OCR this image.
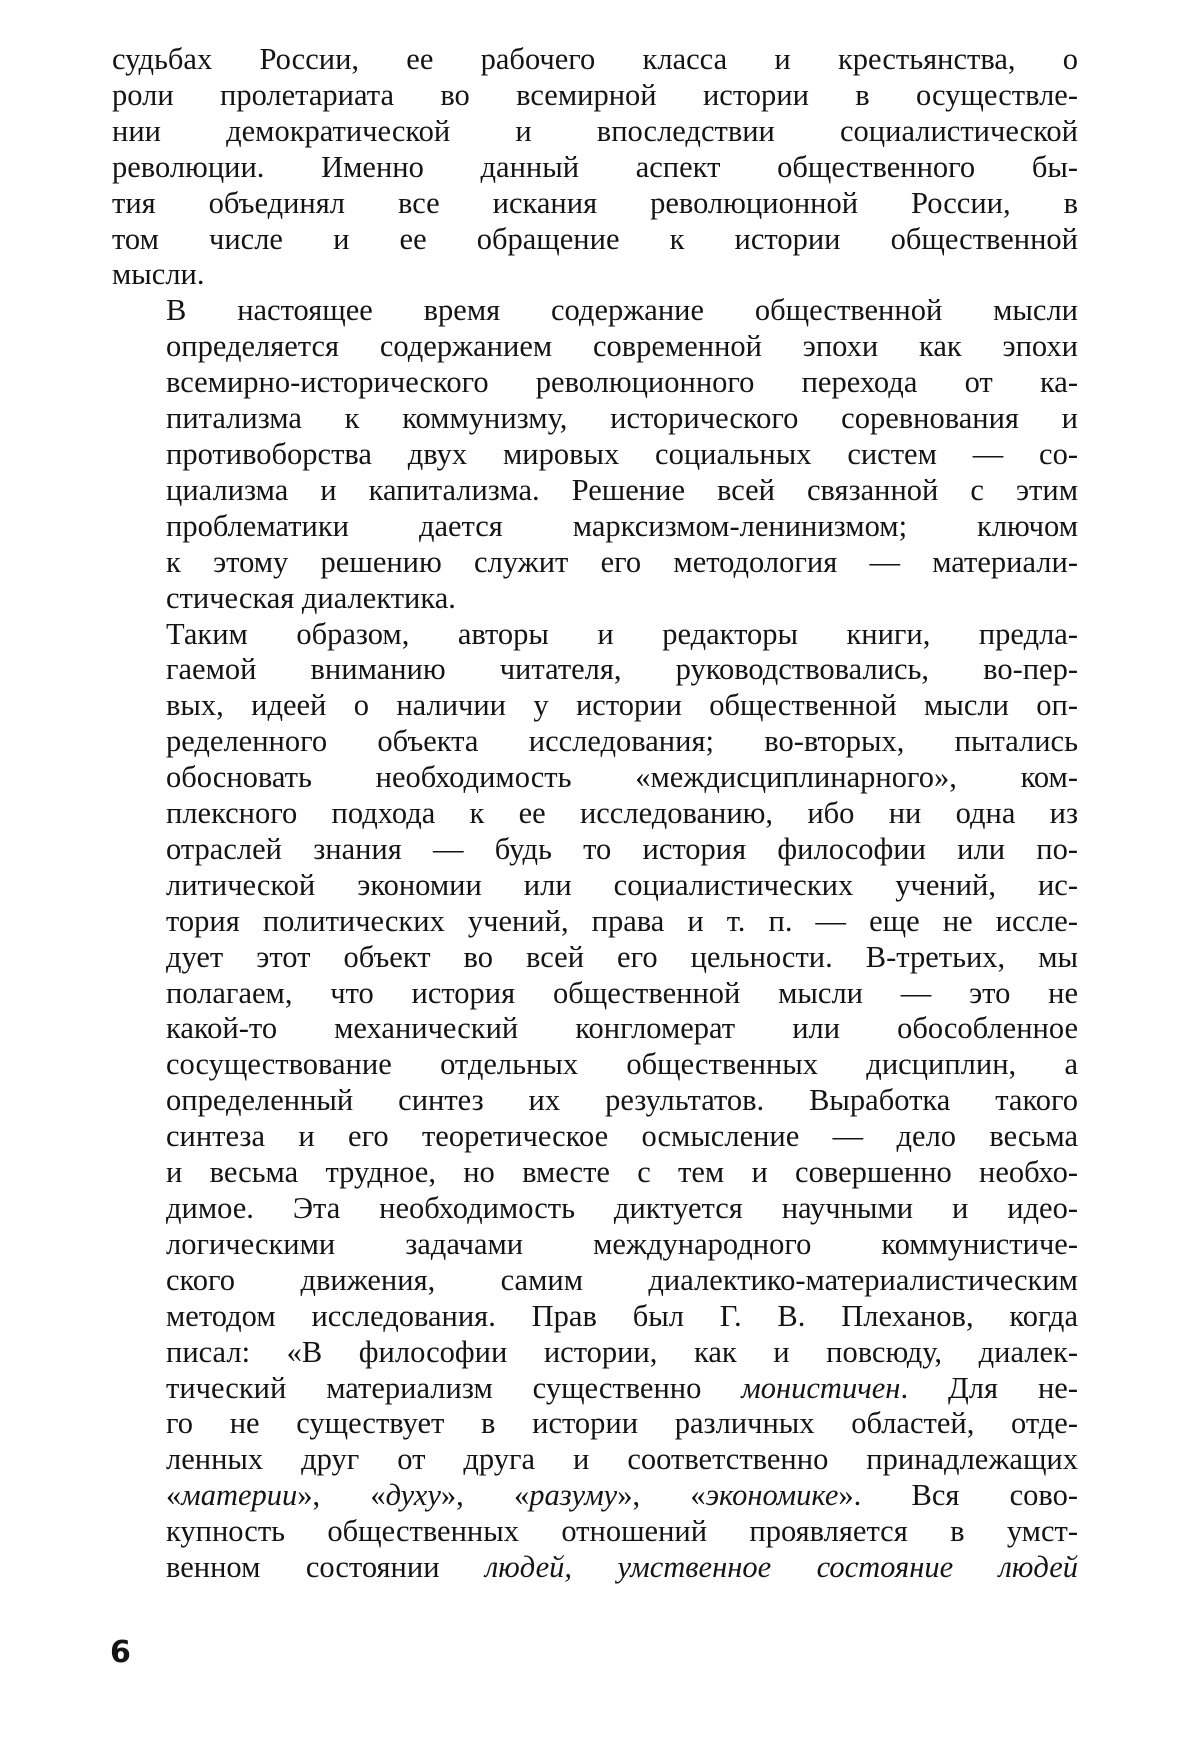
судьбах России, ее рабочего класса и крестьянства, о
роли пролетариата во всемирной истории в осуществле-
нии демократической и впоследствии социалистической
революции. Именно данный аспект общественного бы-
тия объединял все искания революционной России, в
том числе и ее обращение к истории общественной
мысли.

В настоящее время содержание общественной мысли
определяется содержанием современной эпохи как эпохи
всемирно-исторического революционного перехода от ка-
питализма к коммунизму, исторического соревнования и
противоборства двух мировых социальных систем — со-
циализма и капитализма. Решение всей связанной с этим
проблематики дается марксизмом-ленинизмом; ключом
к этому решению служит его методология — материали-
стическая диалектика.

Таким образом, авторы и редакторы книги, предла-
гаемой вниманию читателя, руководствовались, во-пер-
вых, идеей о наличии у истории общественной мысли оп-
ределенного объекта исследования; во-вторых, пытались
обосновать необходимость «междисциплинарного», ком-
плексного подхода к ее исследованию, ибо ни одна из
отраслей знания — будь то история философии или по-
литической экономии или социалистических учений, ис-
тория политических учений, права и т. п. — еще не иссле-
дует этот объект во всей его цельности. В-третьих, мы
полагаем, что история общественной мысли — это не
какой-то механический конгломерат или обособленное
сосуществование отдельных общественных дисциплин, а
определенный синтез их результатов. Выработка такого
синтеза и его теоретическое осмысление — дело весьма
и весьма трудное, но вместе с тем и совершенно необхо-
димое. Эта необходимость диктуется научными и идео-
логическими задачами международного коммунистиче-
ского движения, самим диалектико-материалистическим
методом исследования. Прав был Г. В. Плеханов, когда
писал: «В философии истории, как и повсюду, диалек-
тический материализм существенно монистичен. Для не-
го не существует в истории различных областей, отде-
ленных друг от друга и соответственно принадлежащих
«материи», «духу», «разуму», «экономике». Вся сово-
купность общественных отношений проявляется в умст-
венном состоянии людей, умственное состояние людей

6
